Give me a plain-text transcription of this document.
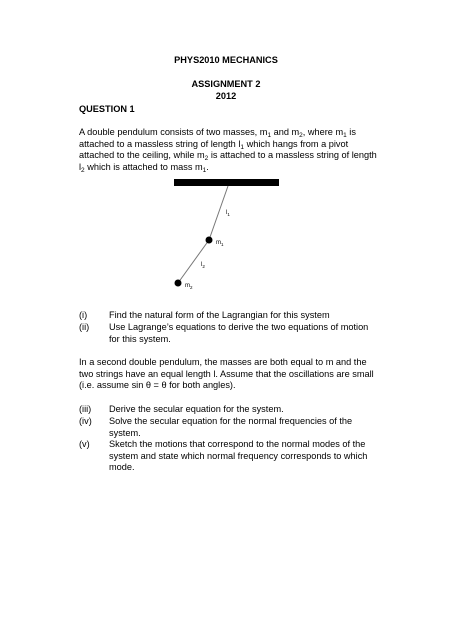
PHYS2010 MECHANICS
ASSIGNMENT 2
2012
QUESTION 1
A double pendulum consists of two masses, $m_1$ and $m_2$, where $m_1$ is attached to a massless string of length $l_1$ which hangs from a pivot attached to the ceiling, while $m_2$ is attached to a massless string of length $l_2$ which is attached to mass $m_1$.
$l_1$
$m_1$
$l_2$
$m_2$
(i) Find the natural form of the Lagrangian for this system
(ii) Use Lagrange’s equations to derive the two equations of motion for this system.
In a second double pendulum, the masses are both equal to m and the two strings have an equal length l. Assume that the oscillations are small (i.e. assume sin θ = θ for both angles).
(iii) Derive the secular equation for the system.
(iv) Solve the secular equation for the normal frequencies of the system.
(v) Sketch the motions that correspond to the normal modes of the system and state which normal frequency corresponds to which mode.
